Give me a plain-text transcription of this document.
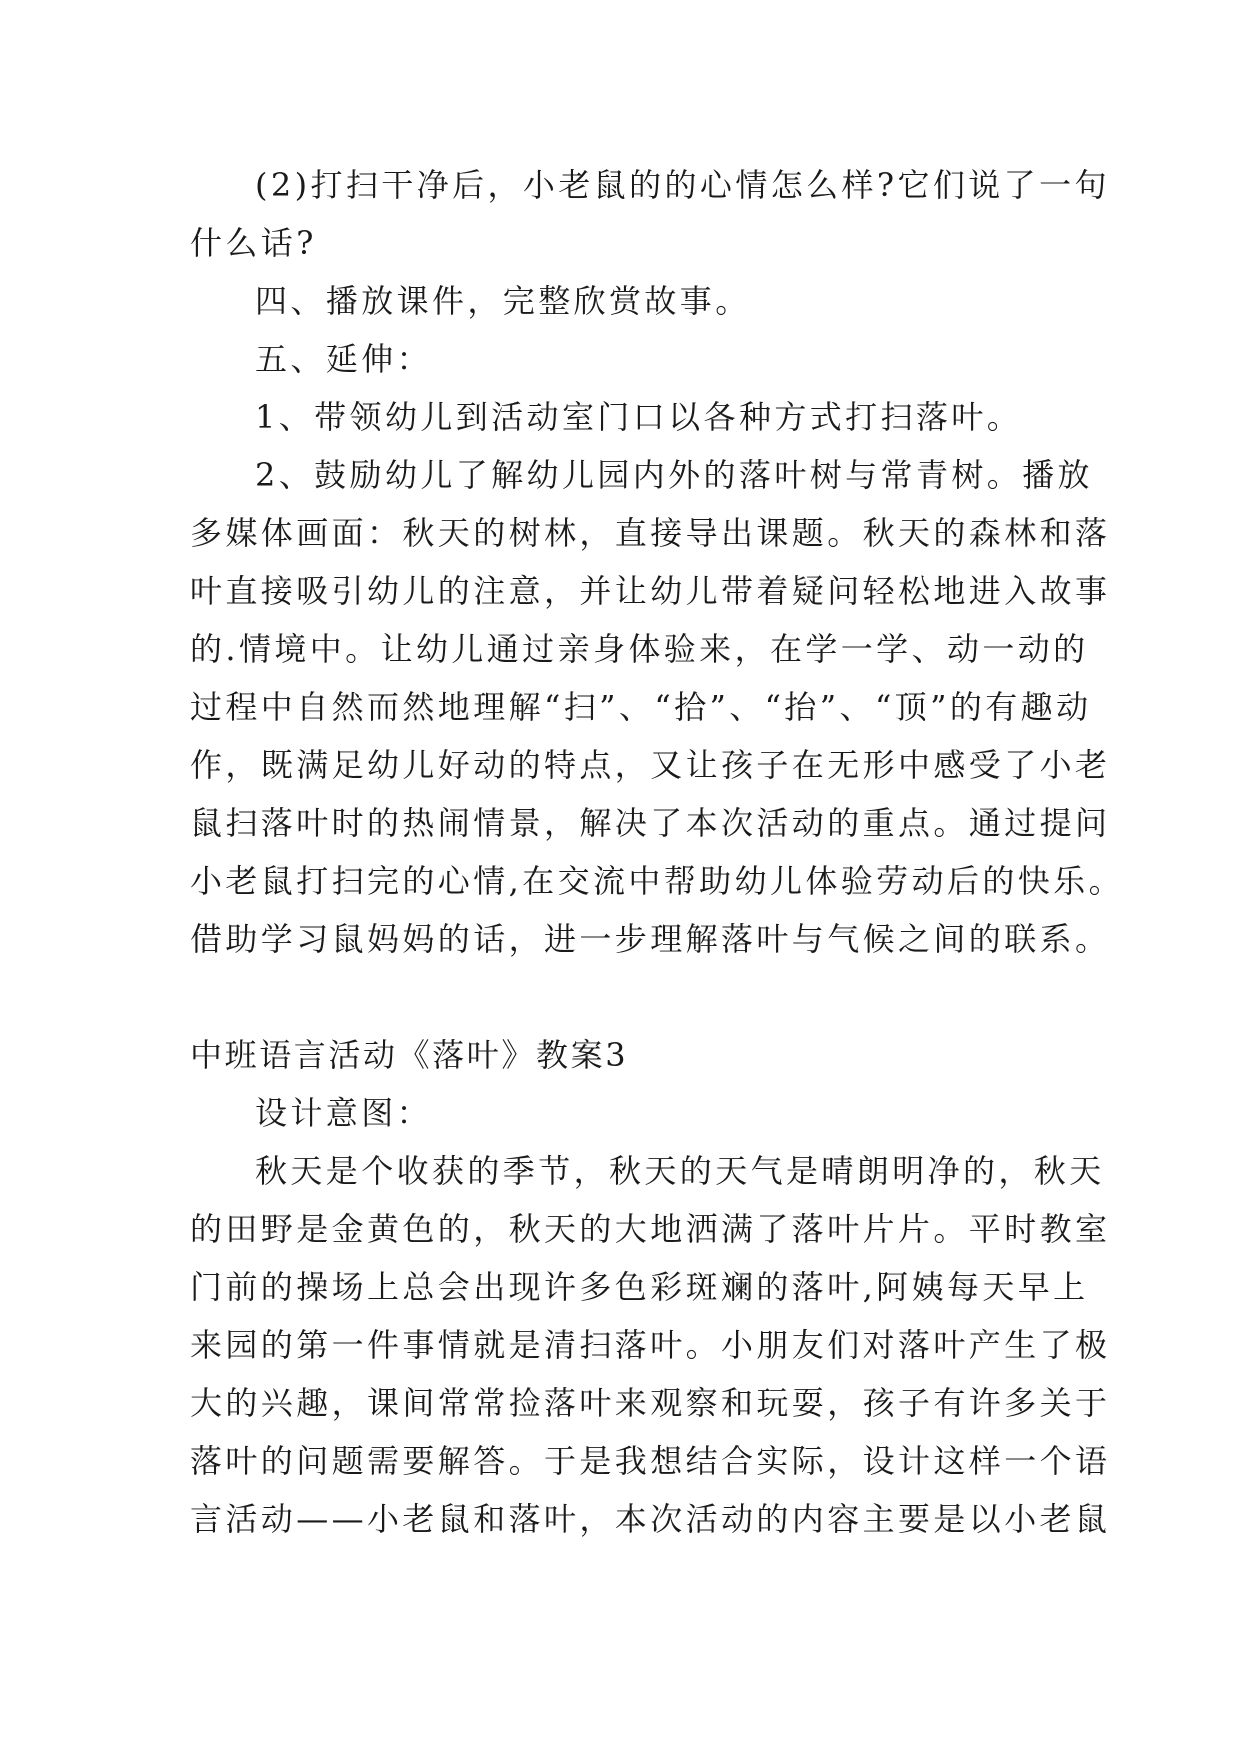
(2)打扫干净后，小老鼠的的心情怎么样?它们说了一句
什么话?
四、播放课件，完整欣赏故事。
五、延伸：
1、带领幼儿到活动室门口以各种方式打扫落叶。
2、鼓励幼儿了解幼儿园内外的落叶树与常青树。播放
多媒体画面：秋天的树林，直接导出课题。秋天的森林和落
叶直接吸引幼儿的注意，并让幼儿带着疑问轻松地进入故事
的.情境中。让幼儿通过亲身体验来，在学一学、动一动的
过程中自然而然地理解“扫”、“拾”、“抬”、“顶”的有趣动
作，既满足幼儿好动的特点，又让孩子在无形中感受了小老
鼠扫落叶时的热闹情景，解决了本次活动的重点。通过提问
小老鼠打扫完的心情,在交流中帮助幼儿体验劳动后的快乐。
借助学习鼠妈妈的话，进一步理解落叶与气候之间的联系。
中班语言活动《落叶》教案3
设计意图：
秋天是个收获的季节，秋天的天气是晴朗明净的，秋天
的田野是金黄色的，秋天的大地洒满了落叶片片。平时教室
门前的操场上总会出现许多色彩斑斓的落叶,阿姨每天早上
来园的第一件事情就是清扫落叶。小朋友们对落叶产生了极
大的兴趣，课间常常捡落叶来观察和玩耍，孩子有许多关于
落叶的问题需要解答。于是我想结合实际，设计这样一个语
言活动——小老鼠和落叶，本次活动的内容主要是以小老鼠
